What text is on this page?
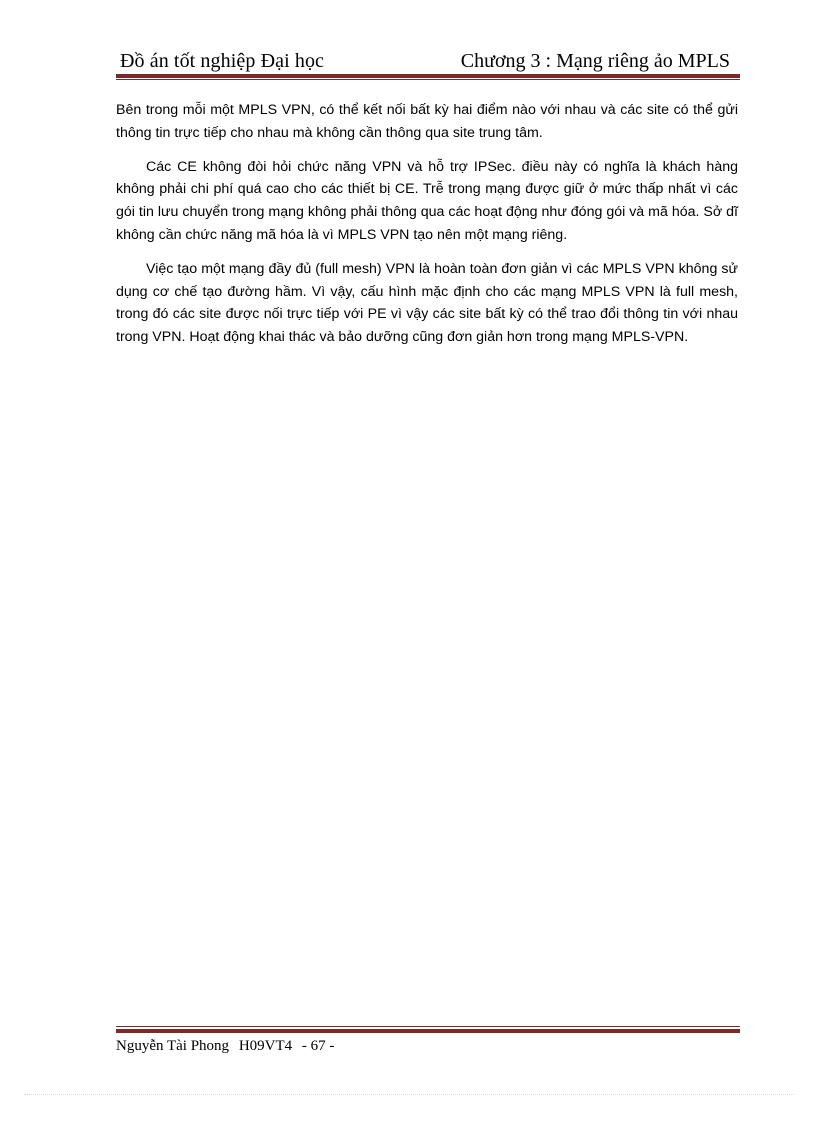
Đồ án tốt nghiệp Đại học	Chương 3 : Mạng riêng ảo MPLS

Bên trong mỗi một MPLS VPN, có thể kết nối bất kỳ hai điểm nào với nhau và các site có thể gửi thông tin trực tiếp cho nhau mà không cần thông qua site trung tâm.

Các CE không đòi hỏi chức năng VPN và hỗ trợ IPSec. điều này có nghĩa là khách hàng không phải chi phí quá cao cho các thiết bị CE. Trễ trong mạng được giữ ở mức thấp nhất vì các gói tin lưu chuyển trong mạng không phải thông qua các hoạt động như đóng gói và mã hóa. Sở dĩ không cần chức năng mã hóa là vì MPLS VPN tạo nên một mạng riêng.

Việc tạo một mạng đầy đủ (full mesh) VPN là hoàn toàn đơn giản vì các MPLS VPN không sử dụng cơ chế tạo đường hầm. Vì vậy, cấu hình mặc định cho các mạng MPLS VPN là full mesh, trong đó các site được nối trực tiếp với PE vì vậy các site bất kỳ có thể trao đổi thông tin với nhau trong VPN. Hoạt động khai thác và bảo dưỡng cũng đơn giản hơn trong mạng MPLS-VPN.

Nguyễn Tài Phong H09VT4 - 67 -
